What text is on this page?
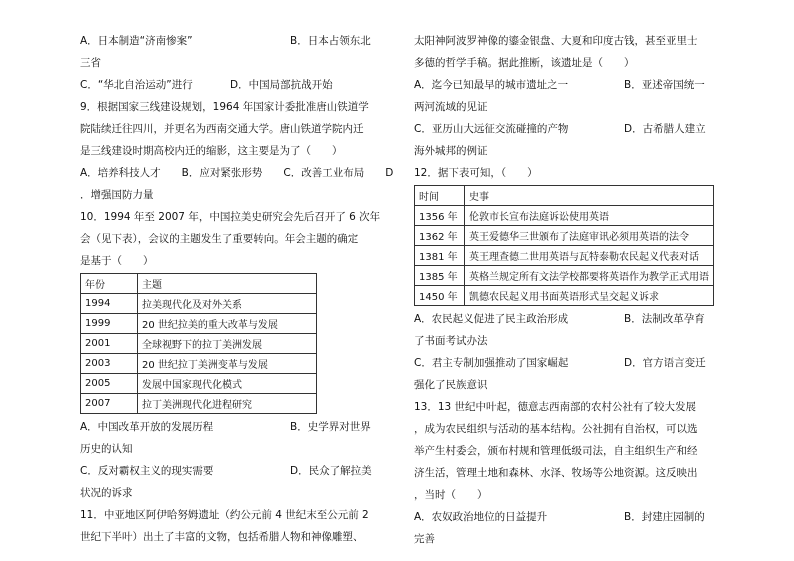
A．日本制造“济南惨案”	B．日本占领东北
三省
C．“华北自治运动”进行	D．中国局部抗战开始
9．根据国家三线建设规划，1964 年国家计委批准唐山铁道学
院陆续迁往四川，并更名为西南交通大学。唐山铁道学院内迁
是三线建设时期高校内迁的缩影，这主要是为了（　　）
A．培养科技人才　　B．应对紧张形势　　C．改善工业布局　　D
．增强国防力量
10．1994 年至 2007 年，中国拉美史研究会先后召开了 6 次年
会（见下表），会议的主题发生了重要转向。年会主题的确定
是基于（　　）
年份	主题
1994	拉美现代化及对外关系
1999	20 世纪拉美的重大改革与发展
2001	全球视野下的拉丁美洲发展
2003	20 世纪拉丁美洲变革与发展
2005	发展中国家现代化模式
2007	拉丁美洲现代化进程研究
A．中国改革开放的发展历程	B．史学界对世界
历史的认知
C．反对霸权主义的现实需要	D．民众了解拉美
状况的诉求
11．中亚地区阿伊哈努姆遗址（约公元前 4 世纪末至公元前 2
世纪下半叶）出土了丰富的文物，包括希腊人物和神像雕塑、
太阳神阿波罗神像的鎏金银盘、大夏和印度古钱，甚至亚里士
多德的哲学手稿。据此推断，该遗址是（　　）
A．迄今已知最早的城市遗址之一	B．亚述帝国统一
两河流域的见证
C．亚历山大远征交流碰撞的产物	D．古希腊人建立
海外城邦的例证
12．据下表可知，（　　）
时间	史事
1356 年	伦敦市长宣布法庭诉讼使用英语
1362 年	英王爱德华三世颁布了法庭审讯必须用英语的法令
1381 年	英王理查德二世用英语与瓦特泰勒农民起义代表对话
1385 年	英格兰规定所有文法学校都要将英语作为教学正式用语
1450 年	凯德农民起义用书面英语形式呈交起义诉求
A．农民起义促进了民主政治形成	B．法制改革孕育
了书面考试办法
C．君主专制加强推动了国家崛起	D．官方语言变迁
强化了民族意识
13．13 世纪中叶起，德意志西南部的农村公社有了较大发展
，成为农民组织与活动的基本结构。公社拥有自治权，可以选
举产生村委会，颁布村规和管理低级司法，自主组织生产和经
济生活，管理土地和森林、水泽、牧场等公地资源。这反映出
，当时（　　）
A．农奴政治地位的日益提升	B．封建庄园制的
完善
